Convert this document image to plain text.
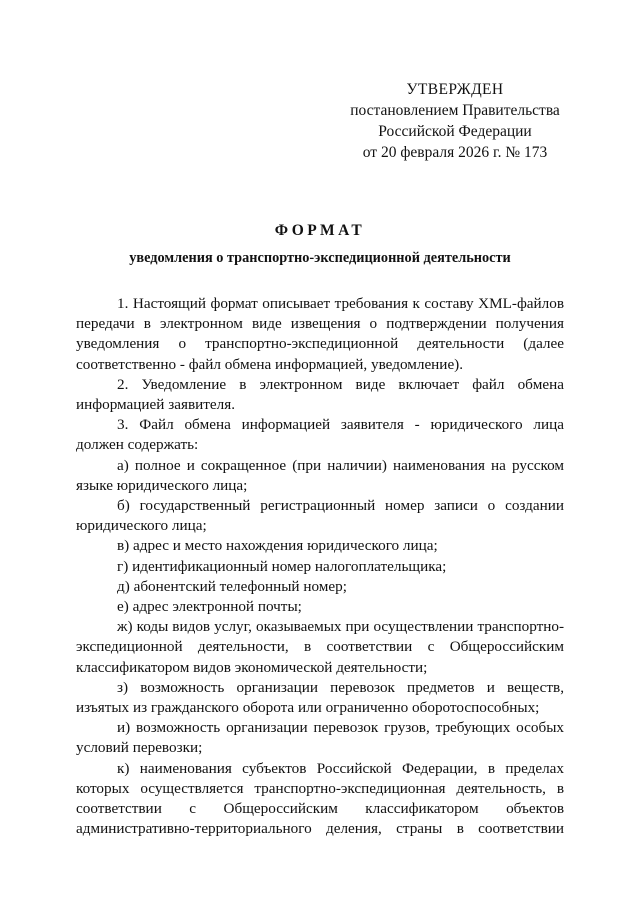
УТВЕРЖДЕН
постановлением Правительства
Российской Федерации
от 20 февраля 2026 г. № 173
ФОРМАТ
уведомления о транспортно-экспедиционной деятельности

1. Настоящий формат описывает требования к составу XML-файлов передачи в электронном виде извещения о подтверждении получения уведомления о транспортно-экспедиционной деятельности (далее соответственно - файл обмена информацией, уведомление).

2. Уведомление в электронном виде включает файл обмена информацией заявителя.

3. Файл обмена информацией заявителя - юридического лица должен содержать:

а) полное и сокращенное (при наличии) наименования на русском языке юридического лица;

б) государственный регистрационный номер записи о создании юридического лица;

в) адрес и место нахождения юридического лица;

г) идентификационный номер налогоплательщика;

д) абонентский телефонный номер;

е) адрес электронной почты;

ж) коды видов услуг, оказываемых при осуществлении транспортно-экспедиционной деятельности, в соответствии с Общероссийским классификатором видов экономической деятельности;

з) возможность организации перевозок предметов и веществ, изъятых из гражданского оборота или ограниченно оборотоспособных;

и) возможность организации перевозок грузов, требующих особых условий перевозки;

к) наименования субъектов Российской Федерации, в пределах которых осуществляется транспортно-экспедиционная деятельность, в соответствии с Общероссийским классификатором объектов административно-территориального деления, страны в соответствии
